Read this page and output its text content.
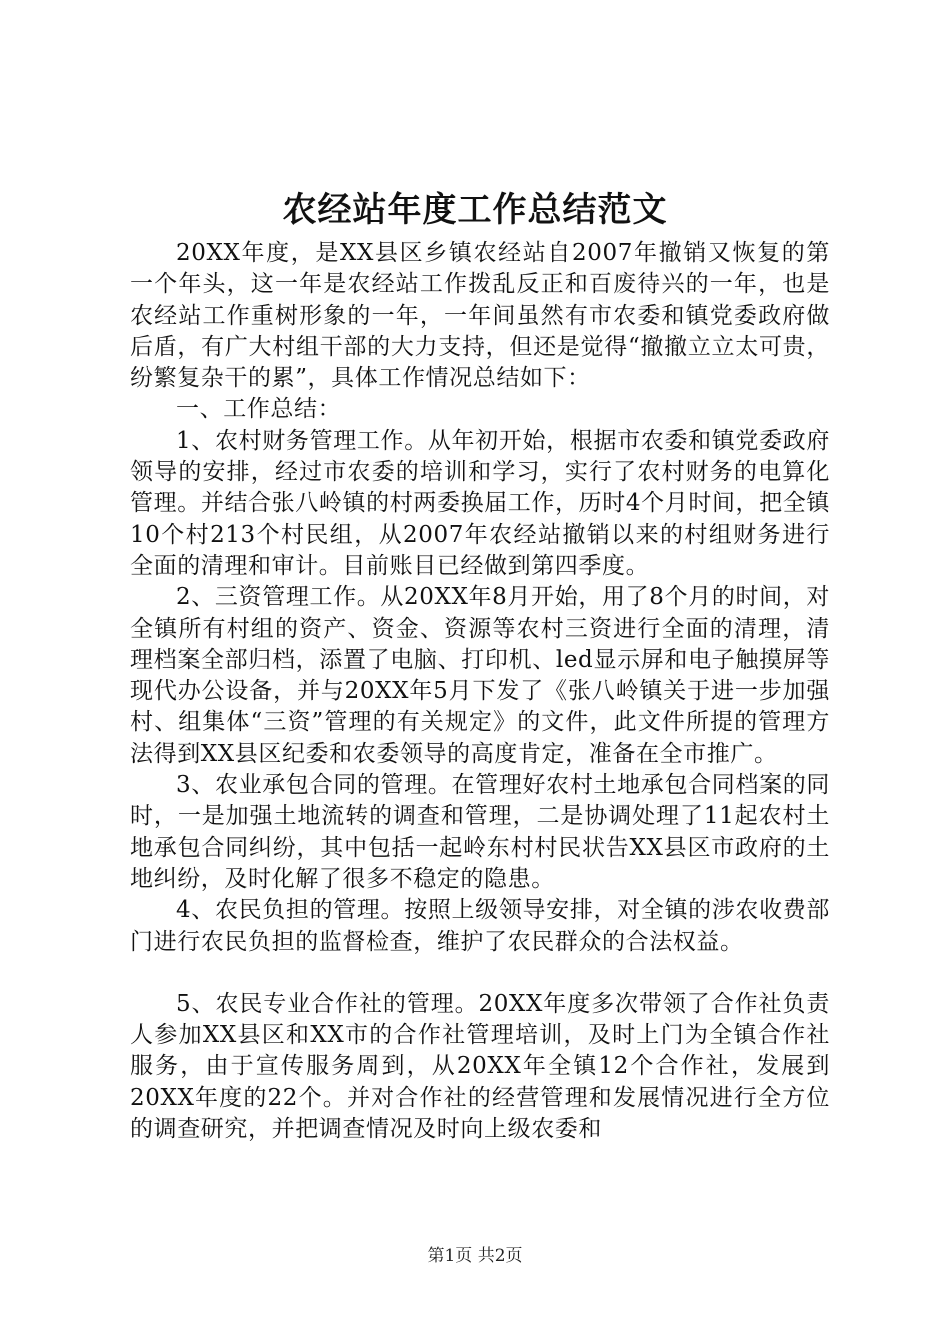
农经站年度工作总结范文

20XX年度，是XX县区乡镇农经站自2007年撤销又恢复的第一个年头，这一年是农经站工作拨乱反正和百废待兴的一年，也是农经站工作重树形象的一年，一年间虽然有市农委和镇党委政府做后盾，有广大村组干部的大力支持，但还是觉得“撤撤立立太可贵，纷繁复杂干的累”，具体工作情况总结如下：

一、工作总结：

1、农村财务管理工作。从年初开始，根据市农委和镇党委政府领导的安排，经过市农委的培训和学习，实行了农村财务的电算化管理。并结合张八岭镇的村两委换届工作，历时4个月时间，把全镇10个村213个村民组，从2007年农经站撤销以来的村组财务进行全面的清理和审计。目前账目已经做到第四季度。

2、三资管理工作。从20XX年8月开始，用了8个月的时间，对全镇所有村组的资产、资金、资源等农村三资进行全面的清理，清理档案全部归档，添置了电脑、打印机、led显示屏和电子触摸屏等现代办公设备，并与20XX年5月下发了《张八岭镇关于进一步加强村、组集体“三资”管理的有关规定》的文件，此文件所提的管理方法得到XX县区纪委和农委领导的高度肯定，准备在全市推广。

3、农业承包合同的管理。在管理好农村土地承包合同档案的同时，一是加强土地流转的调查和管理，二是协调处理了11起农村土地承包合同纠纷，其中包括一起岭东村村民状告XX县区市政府的土地纠纷，及时化解了很多不稳定的隐患。

4、农民负担的管理。按照上级领导安排，对全镇的涉农收费部门进行农民负担的监督检查，维护了农民群众的合法权益。

5、农民专业合作社的管理。20XX年度多次带领了合作社负责人参加XX县区和XX市的合作社管理培训，及时上门为全镇合作社服务，由于宣传服务周到，从20XX年全镇12个合作社，发展到20XX年度的22个。并对合作社的经营管理和发展情况进行全方位的调查研究，并把调查情况及时向上级农委和

第1页 共2页
